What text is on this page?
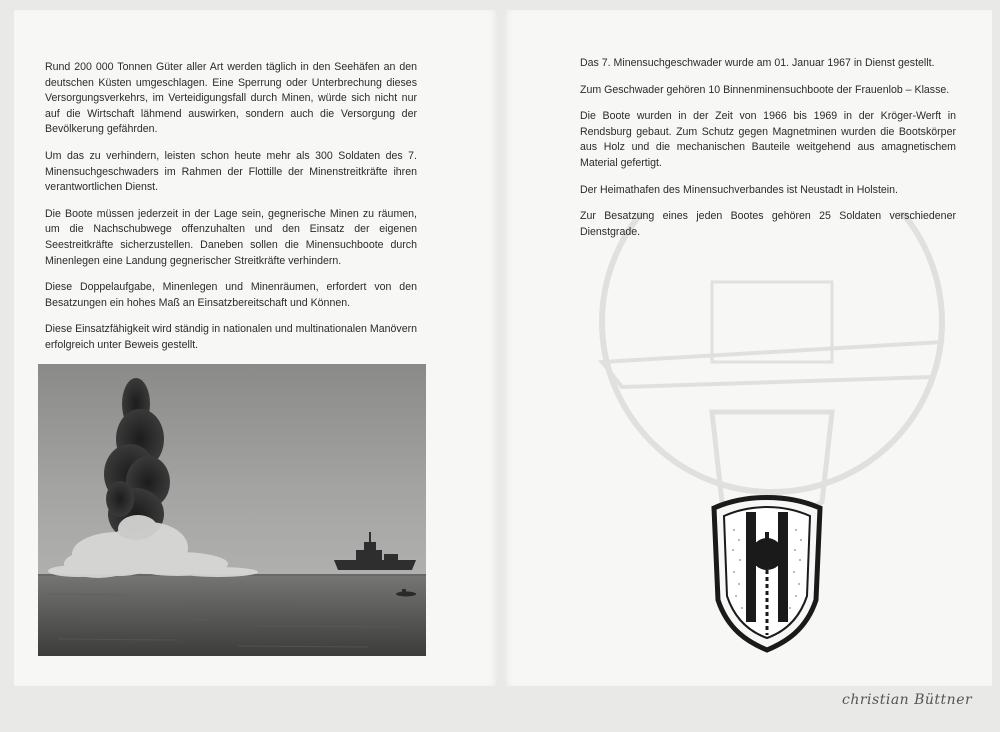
Rund 200 000 Tonnen Güter aller Art werden täglich in den Seehäfen an den deutschen Küsten umgeschlagen. Eine Sperrung oder Unterbrechung dieses Versorgungsverkehrs, im Verteidigungsfall durch Minen, würde sich nicht nur auf die Wirtschaft lähmend auswirken, sondern auch die Versorgung der Bevölkerung gefährden.

Um das zu verhindern, leisten schon heute mehr als 300 Soldaten des 7. Minensuchgeschwaders im Rahmen der Flottille der Minenstreitkräfte ihren verantwortlichen Dienst.

Die Boote müssen jederzeit in der Lage sein, gegnerische Minen zu räumen, um die Nachschubwege offenzuhalten und den Einsatz der eigenen Seestreitkräfte sicherzustellen. Daneben sollen die Minensuchboote durch Minenlegen eine Landung gegnerischer Streitkräfte verhindern.

Diese Doppelaufgabe, Minenlegen und Minenräumen, erfordert von den Besatzungen ein hohes Maß an Einsatzbereitschaft und Können.

Diese Einsatzfähigkeit wird ständig in nationalen und multinationalen Manövern erfolgreich unter Beweis gestellt.

Das 7. Minensuchgeschwader wurde am 01. Januar 1967 in Dienst gestellt.

Zum Geschwader gehören 10 Binnenminensuchboote der Frauenlob – Klasse.

Die Boote wurden in der Zeit von 1966 bis 1969 in der Kröger-Werft in Rendsburg gebaut. Zum Schutz gegen Magnetminen wurden die Bootskörper aus Holz und die mechanischen Bauteile weitgehend aus amagnetischem Material gefertigt.

Der Heimathafen des Minensuchverbandes ist Neustadt in Holstein.

Zur Besatzung eines jeden Bootes gehören 25 Soldaten verschiedener Dienstgrade.

christian Büttner
